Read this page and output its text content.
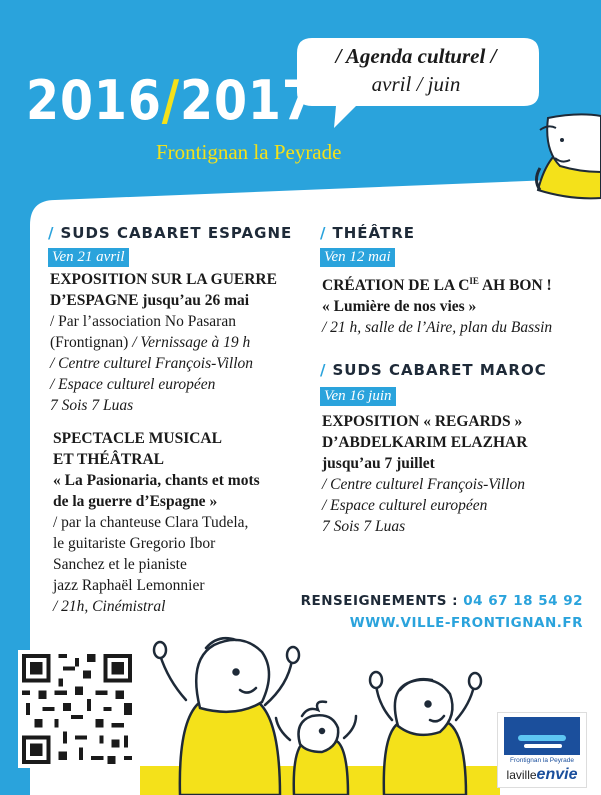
2016/2017
Frontignan la Peyrade
/ Agenda culturel /
avril / juin
/ SUDS CABARET ESPAGNE
Ven 21 avril
EXPOSITION SUR LA GUERRE
D’ESPAGNE jusqu’au 26 mai
/ Par l’association No Pasaran
(Frontignan) / Vernissage à 19 h
/ Centre culturel François-Villon
/ Espace culturel européen
7 Sois 7 Luas
SPECTACLE MUSICAL
ET THÉÂTRAL
« La Pasionaria, chants et mots
de la guerre d’Espagne »
/ par la chanteuse Clara Tudela,
le guitariste Gregorio Ibor
Sanchez et le pianiste
jazz Raphaël Lemonnier
/ 21h, Cinémistral
/ THÉÂTRE
Ven 12 mai
CRÉATION DE LA $C^{IE}$ AH BON !
« Lumière de nos vies »
/ 21 h, salle de l’Aire, plan du Bassin
/ SUDS CABARET MAROC
Ven 16 juin
EXPOSITION « REGARDS »
D’ABDELKARIM ELAZHAR
jusqu’au 7 juillet
/ Centre culturel François-Villon
/ Espace culturel européen
7 Sois 7 Luas
RENSEIGNEMENTS : 04 67 18 54 92
WWW.VILLE-FRONTIGNAN.FR
Frontignan la Peyrade
lavilleenvie
